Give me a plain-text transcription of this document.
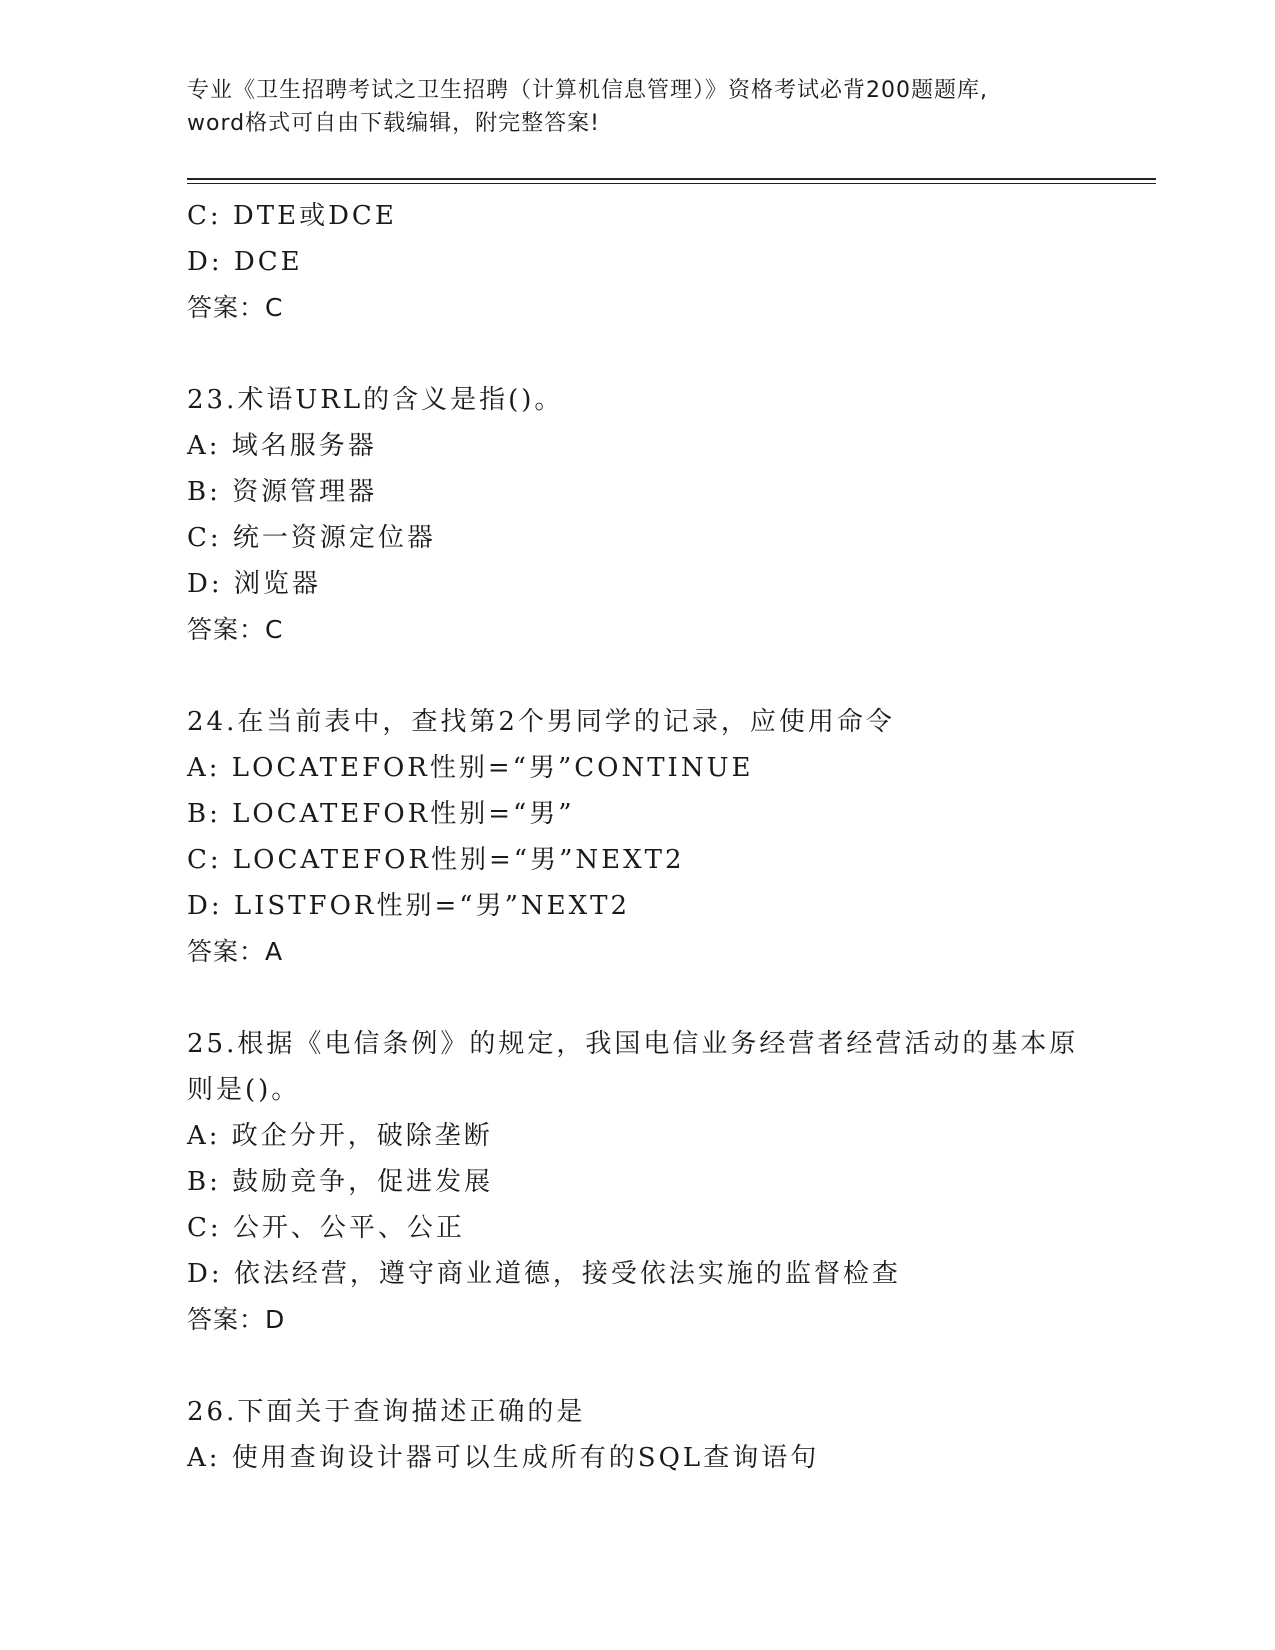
专业《卫生招聘考试之卫生招聘（计算机信息管理）》资格考试必背200题题库,
word格式可自由下载编辑，附完整答案!
C: DTE或DCE
D: DCE
答案：C
23.术语URL的含义是指()。
A: 域名服务器
B: 资源管理器
C: 统一资源定位器
D: 浏览器
答案：C
24.在当前表中，查找第2个男同学的记录，应使用命令
A: LOCATEFOR性别=“男”CONTINUE
B: LOCATEFOR性别=“男”
C: LOCATEFOR性别=“男”NEXT2
D: LISTFOR性别=“男”NEXT2
答案：A
25.根据《电信条例》的规定，我国电信业务经营者经营活动的基本原则是()。
A: 政企分开，破除垄断
B: 鼓励竞争，促进发展
C: 公开、公平、公正
D: 依法经营，遵守商业道德，接受依法实施的监督检查
答案：D
26.下面关于查询描述正确的是
A: 使用查询设计器可以生成所有的SQL查询语句
